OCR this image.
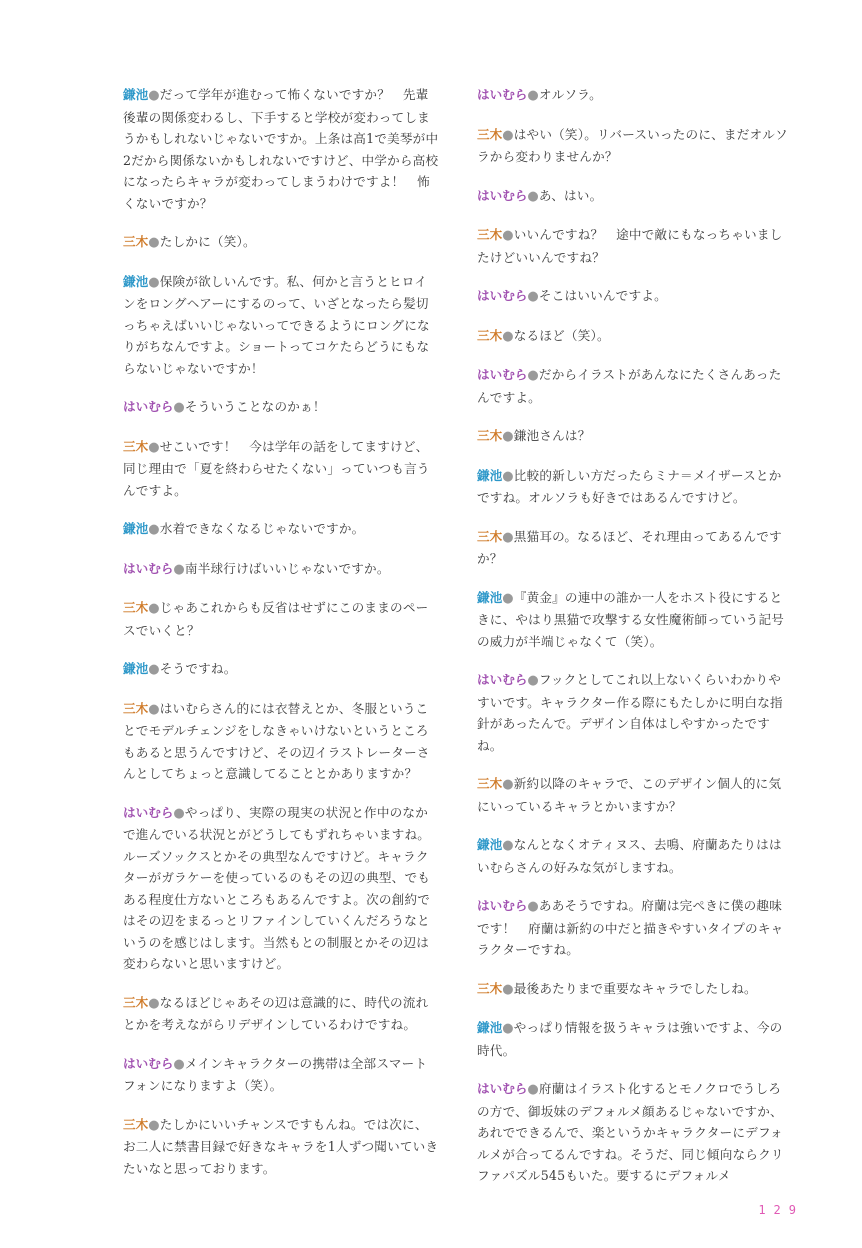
鎌池●だって学年が進むって怖くないですか？　先輩後輩の関係変わるし、下手すると学校が変わってしまうかもしれないじゃないですか。上条は高1で美琴が中2だから関係ないかもしれないですけど、中学から高校になったらキャラが変わってしまうわけですよ！　怖くないですか？

三木●たしかに（笑）。

鎌池●保険が欲しいんです。私、何かと言うとヒロインをロングヘアーにするのって、いざとなったら髪切っちゃえばいいじゃないってできるようにロングになりがちなんですよ。ショートってコケたらどうにもならないじゃないですか！

はいむら●そういうことなのかぁ！

三木●せこいです！　今は学年の話をしてますけど、同じ理由で「夏を終わらせたくない」っていつも言うんですよ。

鎌池●水着できなくなるじゃないですか。

はいむら●南半球行けばいいじゃないですか。

三木●じゃあこれからも反省はせずにこのままのペースでいくと？

鎌池●そうですね。

三木●はいむらさん的には衣替えとか、冬服ということでモデルチェンジをしなきゃいけないというところもあると思うんですけど、その辺イラストレーターさんとしてちょっと意識してることとかありますか？

はいむら●やっぱり、実際の現実の状況と作中のなかで進んでいる状況とがどうしてもずれちゃいますね。ルーズソックスとかその典型なんですけど。キャラクターがガラケーを使っているのもその辺の典型、でもある程度仕方ないところもあるんですよ。次の創約ではその辺をまるっとリファインしていくんだろうなというのを感じはします。当然もとの制服とかその辺は変わらないと思いますけど。

三木●なるほどじゃあその辺は意識的に、時代の流れとかを考えながらリデザインしているわけですね。

はいむら●メインキャラクターの携帯は全部スマートフォンになりますよ（笑）。

三木●たしかにいいチャンスですもんね。では次に、お二人に禁書目録で好きなキャラを1人ずつ聞いていきたいなと思っております。

はいむら●オルソラ。

三木●はやい（笑）。リバースいったのに、まだオルソラから変わりませんか？

はいむら●あ、はい。

三木●いいんですね？　途中で敵にもなっちゃいましたけどいいんですね？

はいむら●そこはいいんですよ。

三木●なるほど（笑）。

はいむら●だからイラストがあんなにたくさんあったんですよ。

三木●鎌池さんは？

鎌池●比較的新しい方だったらミナ＝メイザースとかですね。オルソラも好きではあるんですけど。

三木●黒猫耳の。なるほど、それ理由ってあるんですか？

鎌池●『黄金』の連中の誰か一人をホスト役にするときに、やはり黒猫で攻撃する女性魔術師っていう記号の威力が半端じゃなくて（笑）。

はいむら●フックとしてこれ以上ないくらいわかりやすいです。キャラクター作る際にもたしかに明白な指針があったんで。デザイン自体はしやすかったですね。

三木●新約以降のキャラで、このデザイン個人的に気にいっているキャラとかいますか？

鎌池●なんとなくオティヌス、去鳴、府蘭あたりははいむらさんの好みな気がしますね。

はいむら●ああそうですね。府蘭は完ぺきに僕の趣味です！　府蘭は新約の中だと描きやすいタイプのキャラクターですね。

三木●最後あたりまで重要なキャラでしたしね。

鎌池●やっぱり情報を扱うキャラは強いですよ、今の時代。

はいむら●府蘭はイラスト化するとモノクロでうしろの方で、御坂妹のデフォルメ顔あるじゃないですか、あれでできるんで、楽というかキャラクターにデフォルメが合ってるんですね。そうだ、同じ傾向ならクリファパズル545もいた。要するにデフォルメ

129
